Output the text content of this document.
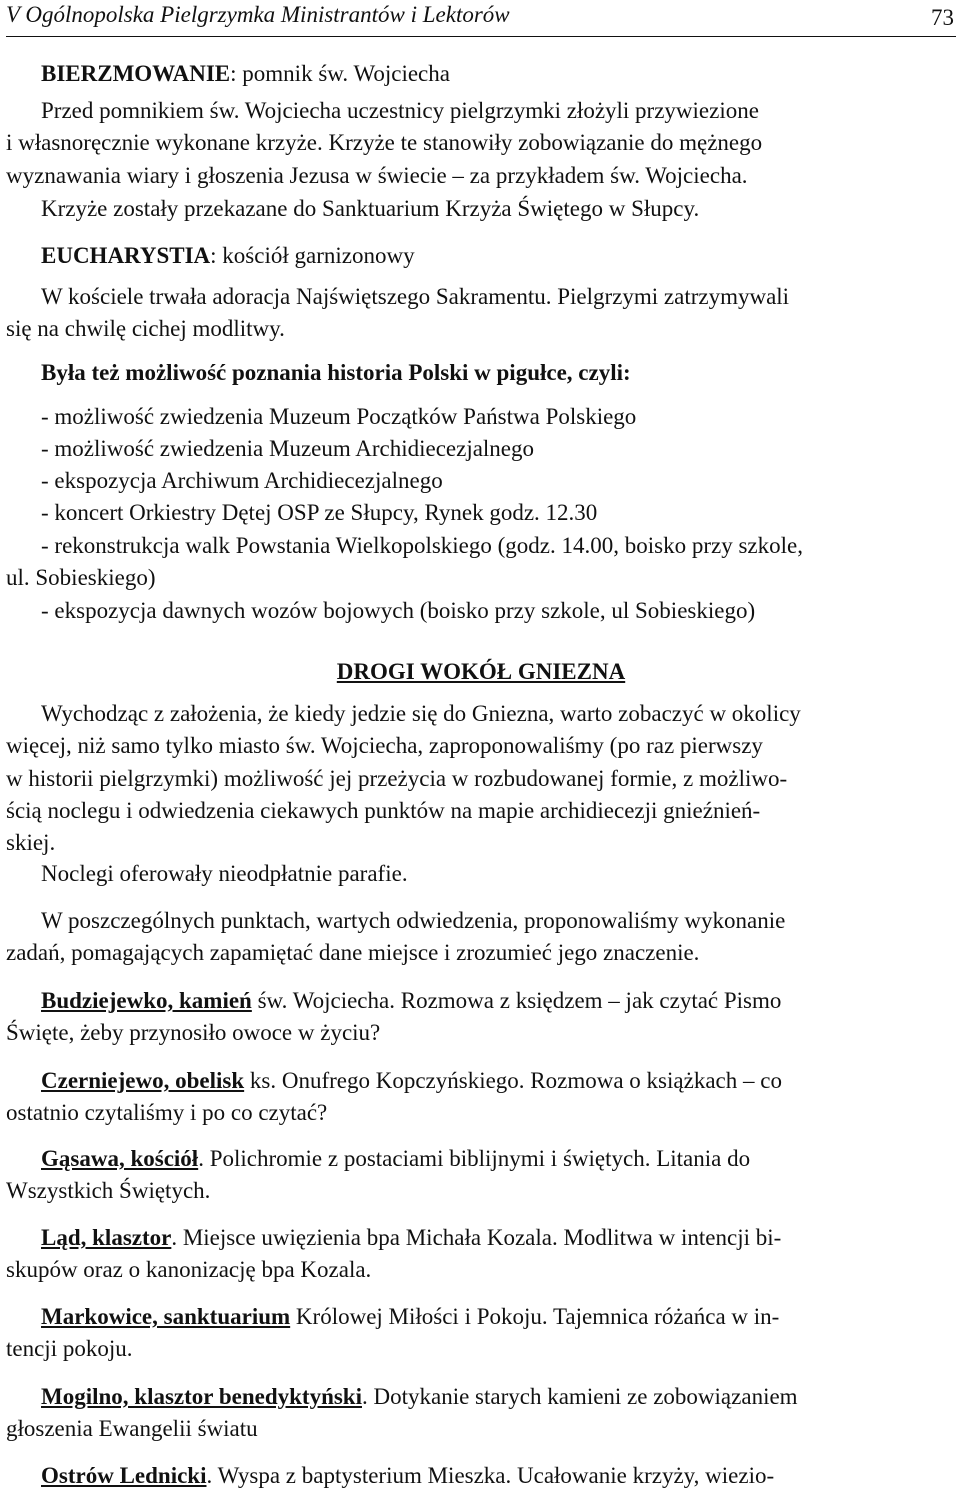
V Ogólnopolska Pielgrzymka Ministrantów i Lektorów	73
BIERZMOWANIE: pomnik św. Wojciecha
Przed pomnikiem św. Wojciecha uczestnicy pielgrzymki złożyli przywiezione
i własnoręcznie wykonane krzyże. Krzyże te stanowiły zobowiązanie do mężnego
wyznawania wiary i głoszenia Jezusa w świecie – za przykładem św. Wojciecha.
Krzyże zostały przekazane do Sanktuarium Krzyża Świętego w Słupcy.
EUCHARYSTIA: kościół garnizonowy
W kościele trwała adoracja Najświętszego Sakramentu. Pielgrzymi zatrzymywali
się na chwilę cichej modlitwy.
Była też możliwość poznania historia Polski w pigułce, czyli:
- możliwość zwiedzenia Muzeum Początków Państwa Polskiego
- możliwość zwiedzenia Muzeum Archidiecezjalnego
- ekspozycja Archiwum Archidiecezjalnego
- koncert Orkiestry Dętej OSP ze Słupcy, Rynek godz. 12.30
- rekonstrukcja walk Powstania Wielkopolskiego (godz. 14.00, boisko przy szkole,
ul. Sobieskiego)
- ekspozycja dawnych wozów bojowych (boisko przy szkole, ul Sobieskiego)
DROGI WOKÓŁ GNIEZNA
Wychodząc z założenia, że kiedy jedzie się do Gniezna, warto zobaczyć w okolicy
więcej, niż samo tylko miasto św. Wojciecha, zaproponowaliśmy (po raz pierwszy
w historii pielgrzymki) możliwość jej przeżycia w rozbudowanej formie, z możliwo-
ścią noclegu i odwiedzenia ciekawych punktów na mapie archidiecezji gnieźnień-
skiej.
Noclegi oferowały nieodpłatnie parafie.
W poszczególnych punktach, wartych odwiedzenia, proponowaliśmy wykonanie
zadań, pomagających zapamiętać dane miejsce i zrozumieć jego znaczenie.
Budziejewko, kamień św. Wojciecha. Rozmowa z księdzem – jak czytać Pismo
Święte, żeby przynosiło owoce w życiu?
Czerniejewo, obelisk ks. Onufrego Kopczyńskiego. Rozmowa o książkach – co
ostatnio czytaliśmy i po co czytać?
Gąsawa, kościół. Polichromie z postaciami biblijnymi i świętych. Litania do
Wszystkich Świętych.
Ląd, klasztor. Miejsce uwięzienia bpa Michała Kozala. Modlitwa w intencji bi-
skupów oraz o kanonizację bpa Kozala.
Markowice, sanktuarium Królowej Miłości i Pokoju. Tajemnica różańca w in-
tencji pokoju.
Mogilno, klasztor benedyktyński. Dotykanie starych kamieni ze zobowiązaniem
głoszenia Ewangelii światu
Ostrów Lednicki. Wyspa z baptysterium Mieszka. Ucałowanie krzyży, wiezio-
